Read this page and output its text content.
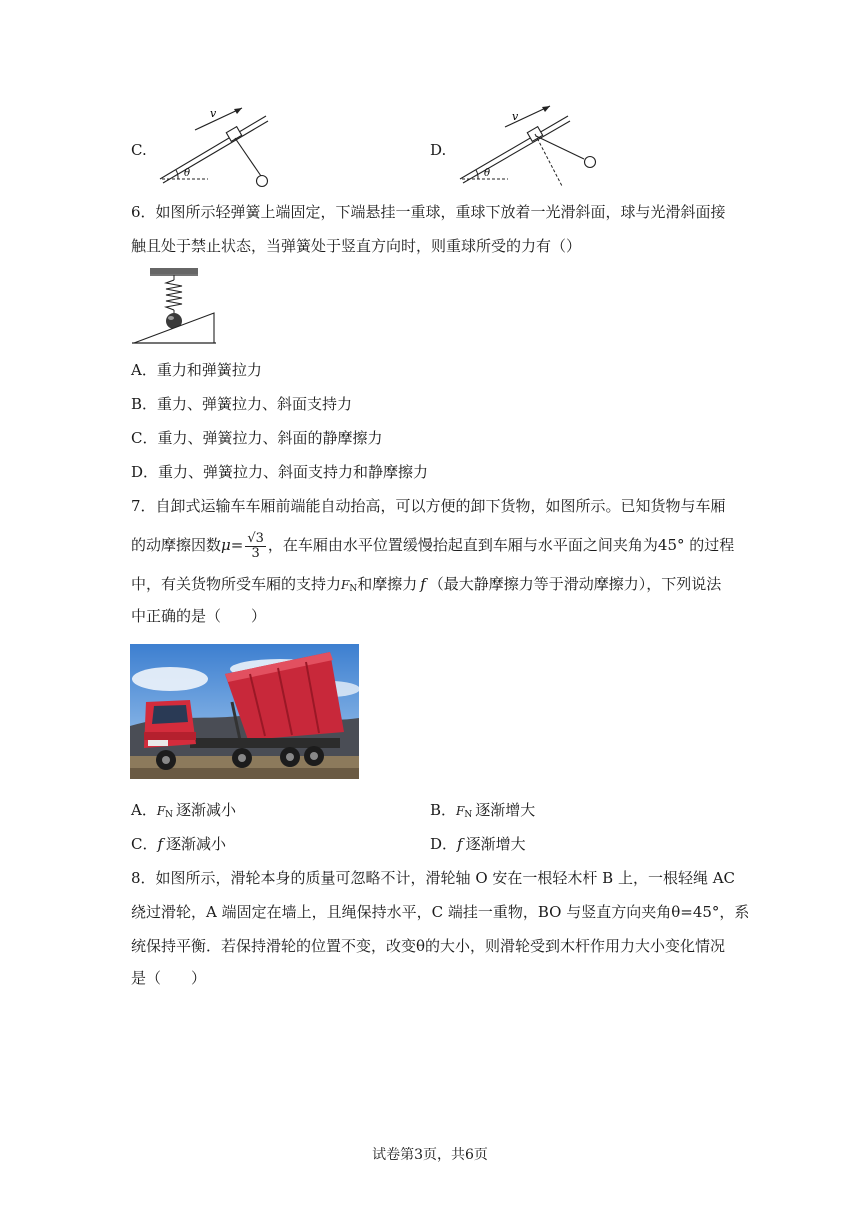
C.
v
θ
D.
v
θ
6．如图所示轻弹簧上端固定，下端悬挂一重球，重球下放着一光滑斜面，球与光滑斜面接
触且处于禁止状态，当弹簧处于竖直方向时，则重球所受的力有（）
A．重力和弹簧拉力
B．重力、弹簧拉力、斜面支持力
C．重力、弹簧拉力、斜面的静摩擦力
D．重力、弹簧拉力、斜面支持力和静摩擦力
7．自卸式运输车车厢前端能自动抬高，可以方便的卸下货物，如图所示。已知货物与车厢
的动摩擦因数$\mu= \frac{√3}{3}$ ，在车厢由水平位置缓慢抬起直到车厢与水平面之间夹角为45° 的过程
中，有关货物所受车厢的支持力$F_N$和摩擦力 f （最大静摩擦力等于滑动摩擦力），下列说法
中正确的是（　　）
A．$F_N$ 逐渐减小	B．$F_N$ 逐渐增大
C．f 逐渐减小	D．f 逐渐增大
8．如图所示，滑轮本身的质量可忽略不计，滑轮轴 O 安在一根轻木杆 B 上，一根轻绳 AC
绕过滑轮，A 端固定在墙上，且绳保持水平，C 端挂一重物，BO 与竖直方向夹角θ=45°，系
统保持平衡．若保持滑轮的位置不变，改变θ的大小，则滑轮受到木杆作用力大小变化情况
是（　　）
试卷第3页，共6页
